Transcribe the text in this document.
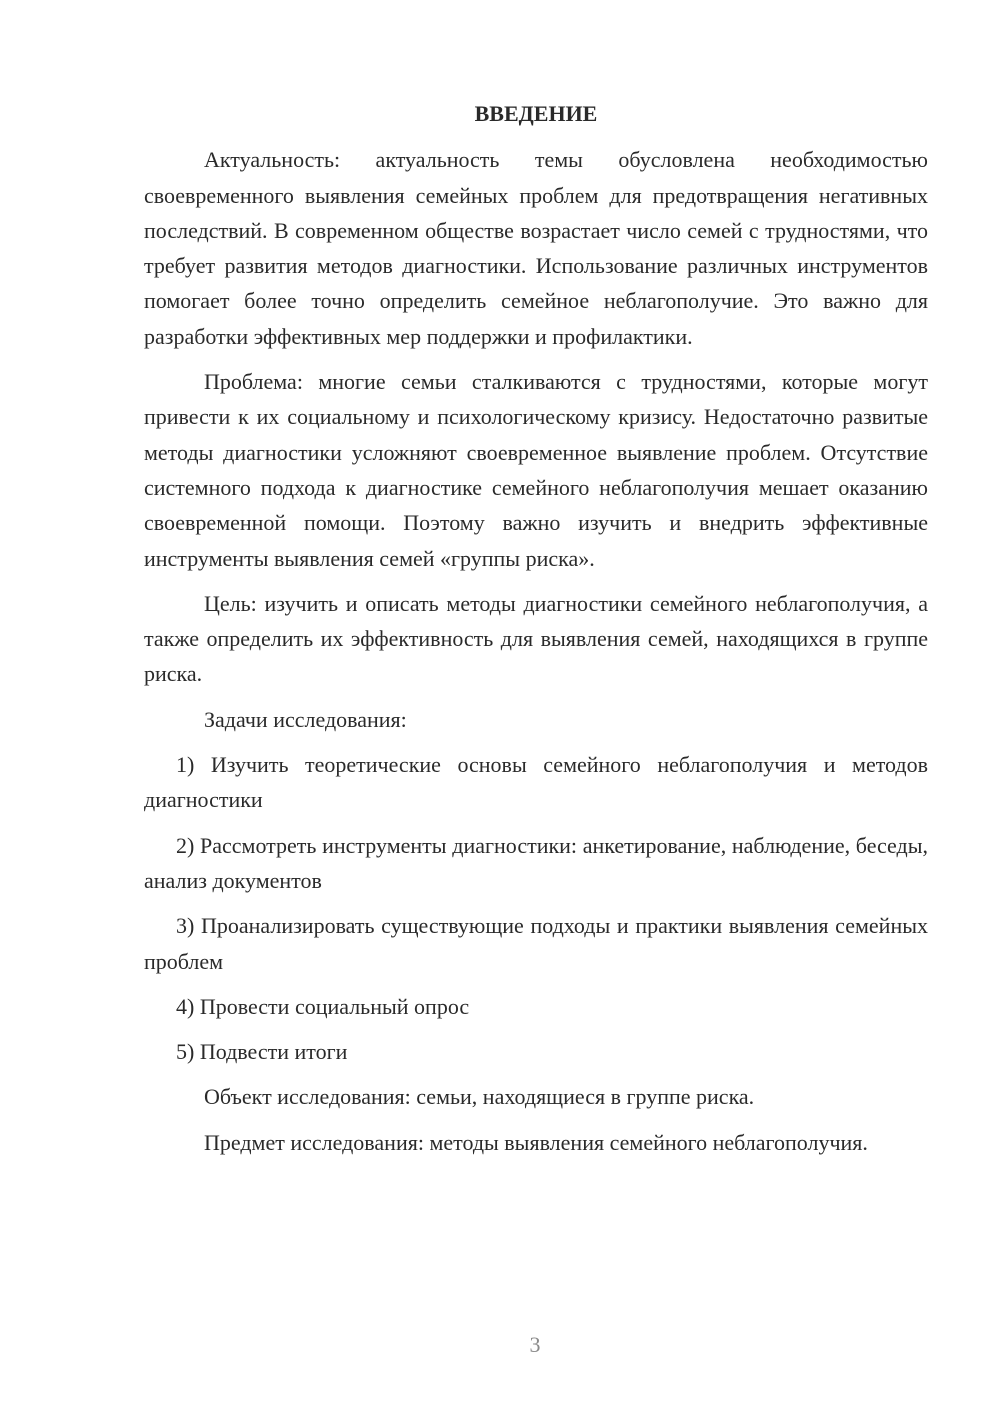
ВВЕДЕНИЕ

Актуальность: актуальность темы обусловлена необходимостью своевременного выявления семейных проблем для предотвращения негативных последствий. В современном обществе возрастает число семей с трудностями, что требует развития методов диагностики. Использование различных инструментов помогает более точно определить семейное неблагополучие. Это важно для разработки эффективных мер поддержки и профилактики.

Проблема: многие семьи сталкиваются с трудностями, которые могут привести к их социальному и психологическому кризису. Недостаточно развитые методы диагностики усложняют своевременное выявление проблем. Отсутствие системного подхода к диагностике семейного неблагополучия мешает оказанию своевременной помощи. Поэтому важно изучить и внедрить эффективные инструменты выявления семей «группы риска».

Цель: изучить и описать методы диагностики семейного неблагополучия, а также определить их эффективность для выявления семей, находящихся в группе риска.

Задачи исследования:

1) Изучить теоретические основы семейного неблагополучия и методов диагностики

2) Рассмотреть инструменты диагностики: анкетирование, наблюдение, беседы, анализ документов

3) Проанализировать существующие подходы и практики выявления семейных проблем

4) Провести социальный опрос

5) Подвести итоги

Объект исследования: семьи, находящиеся в группе риска.

Предмет исследования: методы выявления семейного неблагополучия.

3
